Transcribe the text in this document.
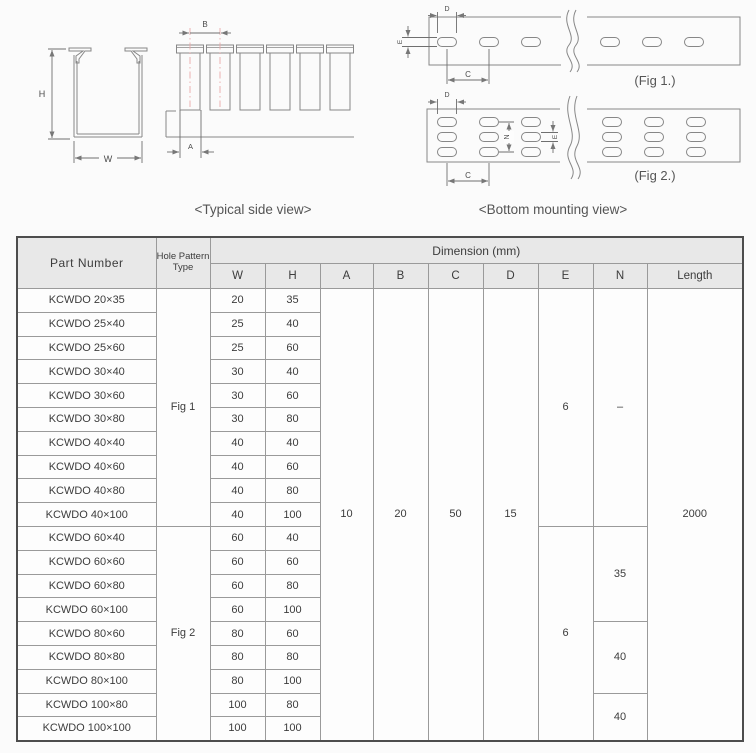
H
W
B
A
D
E
C	(Fig 1.)
D
N	E
C	(Fig 2.)
<Typical side view>	<Bottom mounting view>
Part Number	Hole Pattern Type	Dimension (mm)								
		W	H	A	B	C	D	E	N	Length
KCWDO 20×35	Fig 1	20	35	10	20	50	15	6	–	2000
KCWDO 25×40		25	40							
KCWDO 25×60		25	60							
KCWDO 30×40		30	40							
KCWDO 30×60		30	60							
KCWDO 30×80		30	80							
KCWDO 40×40		40	40							
KCWDO 40×60		40	60							
KCWDO 40×80		40	80							
KCWDO 40×100		40	100							
KCWDO 60×40	Fig 2	60	40					6	35	
KCWDO 60×60		60	60							
KCWDO 60×80		60	80							
KCWDO 60×100		60	100							
KCWDO 80×60		80	60						40	
KCWDO 80×80		80	80							
KCWDO 80×100		80	100							
KCWDO 100×80		100	80						40	
KCWDO 100×100		100	100							
